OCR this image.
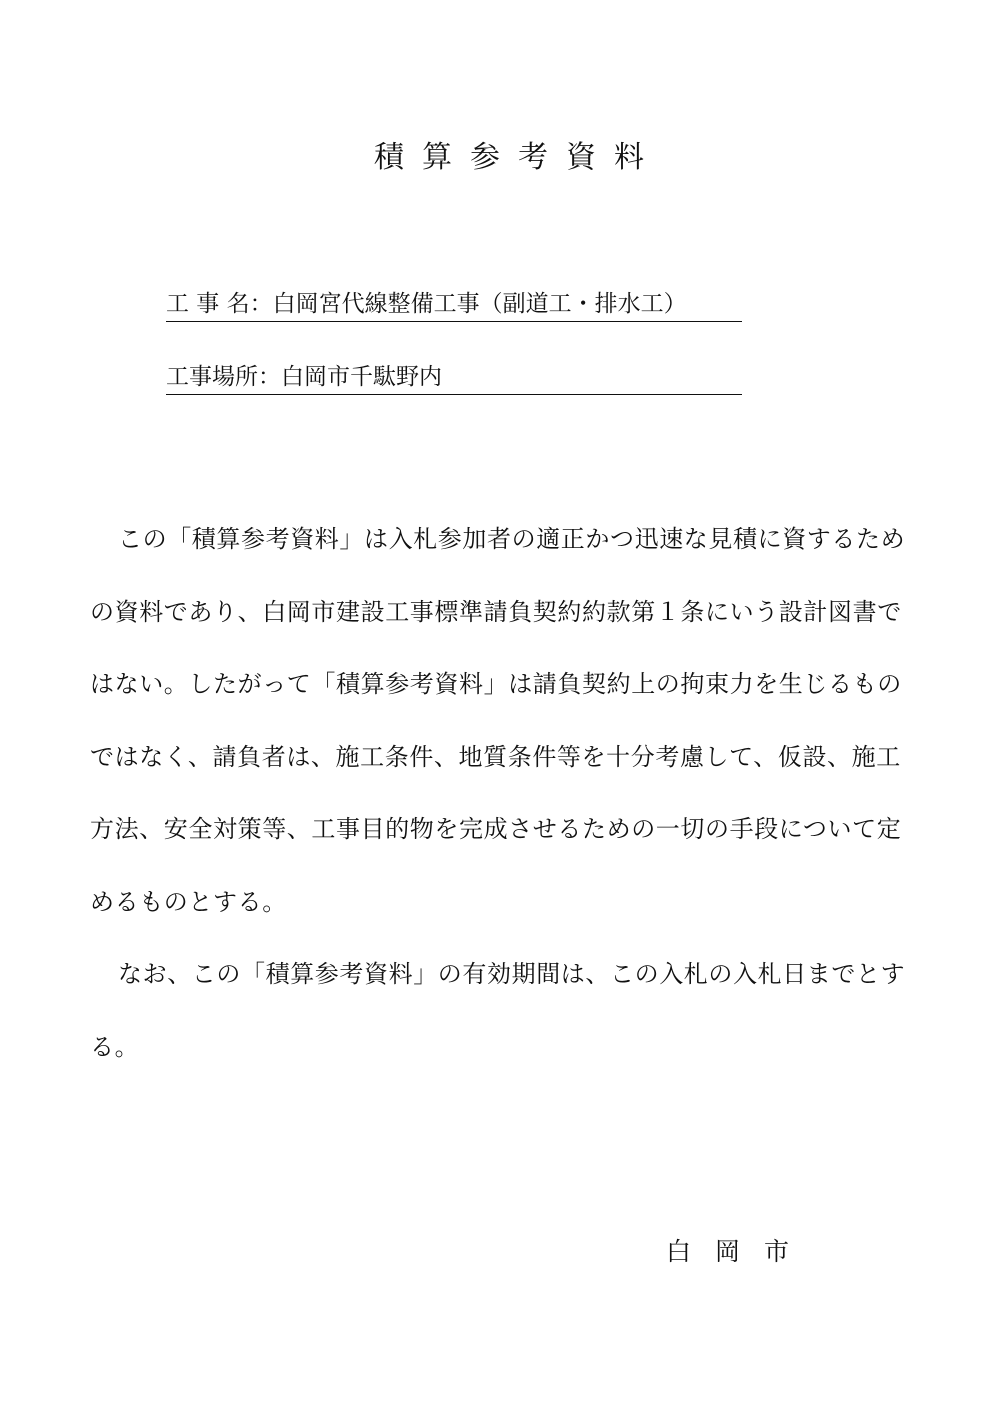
積算参考資料
工 事 名：白岡宮代線整備工事（副道工・排水工）
工事場所：白岡市千駄野内
この「積算参考資料」は入札参加者の適正かつ迅速な見積に資するための資料であり、白岡市建設工事標準請負契約約款第１条にいう設計図書ではない。したがって「積算参考資料」は請負契約上の拘束力を生じるものではなく、請負者は、施工条件、地質条件等を十分考慮して、仮設、施工方法、安全対策等、工事目的物を完成させるための一切の手段について定めるものとする。
なお、この「積算参考資料」の有効期間は、この入札の入札日までとする。
白岡市
